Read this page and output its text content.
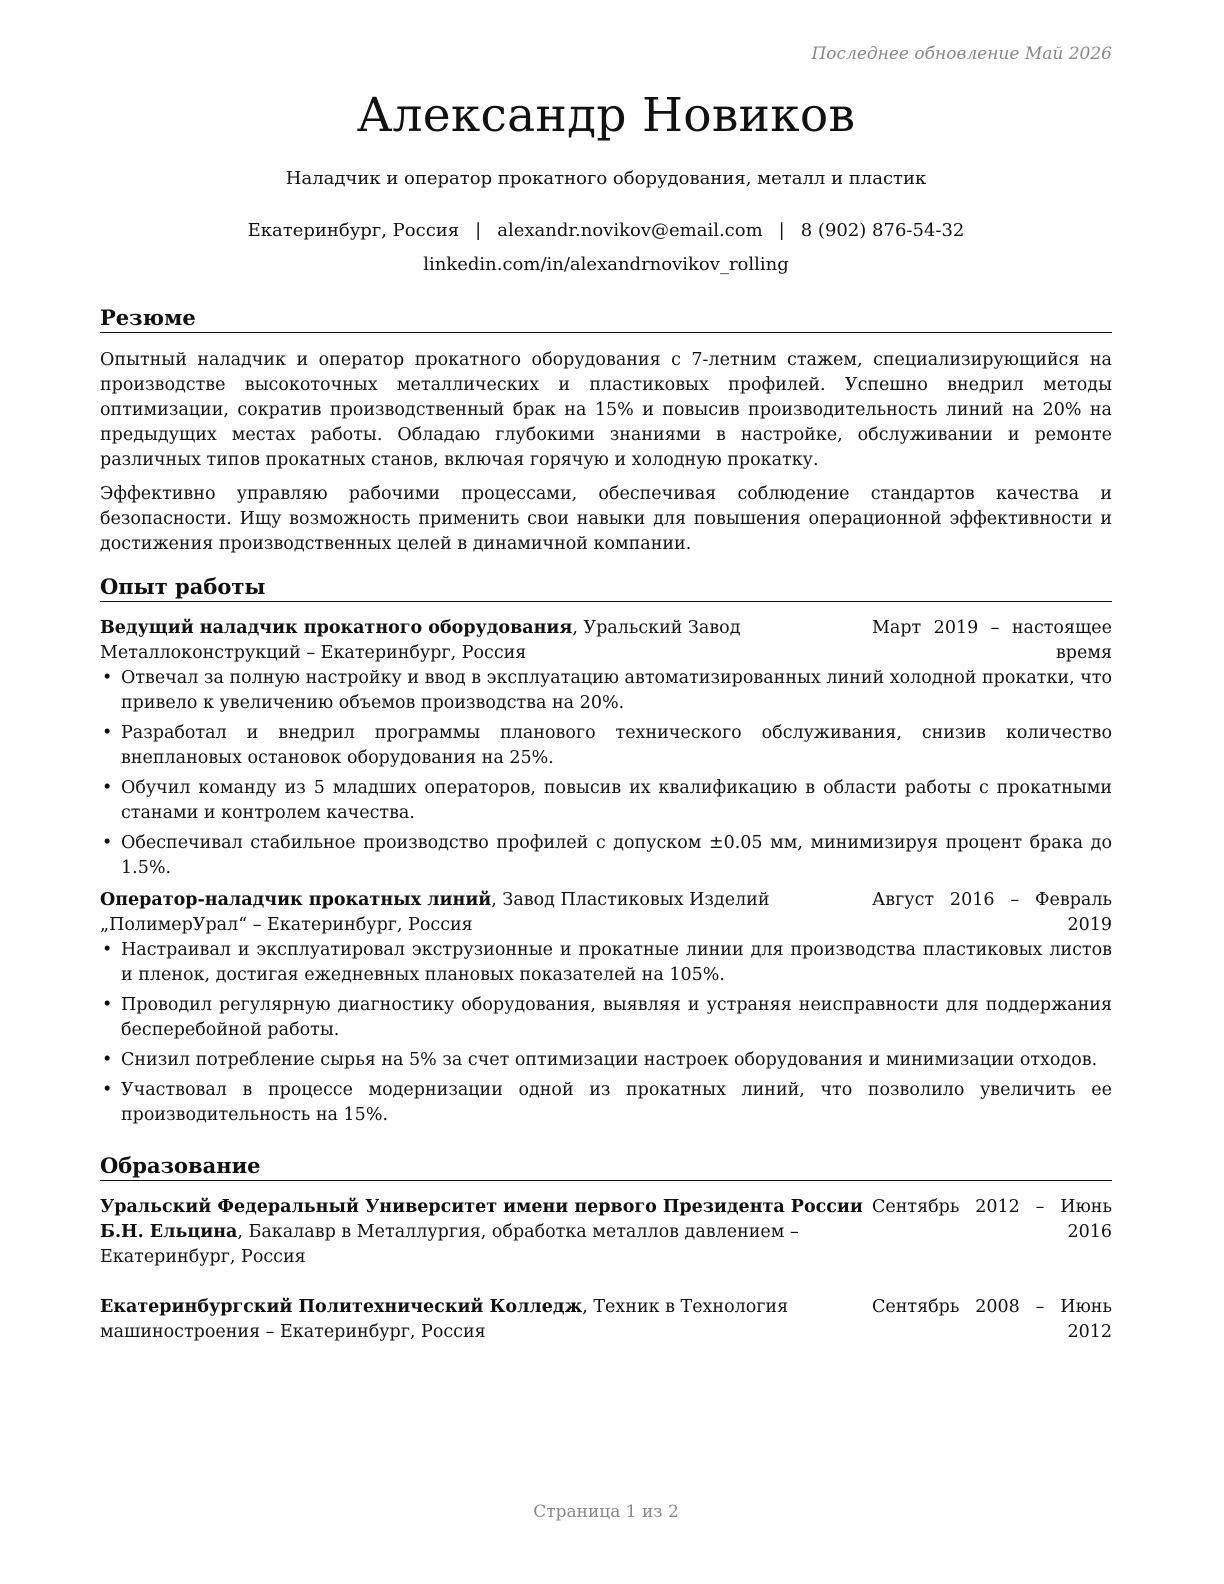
Последнее обновление Май 2026
Александр Новиков
Наладчик и оператор прокатного оборудования, металл и пластик
Екатеринбург, Россия | alexandr.novikov@email.com | 8 (902) 876-54-32
linkedin.com/in/alexandrnovikov_rolling
Резюме

Опытный наладчик и оператор прокатного оборудования с 7-летним стажем, специализирующийся на производстве высокоточных металлических и пластиковых профилей. Успешно внедрил методы оптимизации, сократив производственный брак на 15% и повысив производительность линий на 20% на предыдущих местах работы. Обладаю глубокими знаниями в настройке, обслуживании и ремонте различных типов прокатных станов, включая горячую и холодную прокатку.

Эффективно управляю рабочими процессами, обеспечивая соблюдение стандартов качества и безопасности. Ищу возможность применить свои навыки для повышения операционной эффективности и достижения производственных целей в динамичной компании.

Опыт работы
Ведущий наладчик прокатного оборудования, Уральский Завод Металлоконструкций – Екатеринбург, Россия
Март 2019 – настоящее
время
• Отвечал за полную настройку и ввод в эксплуатацию автоматизированных линий холодной прокатки, что привело к увеличению объемов производства на 20%.
• Разработал и внедрил программы планового технического обслуживания, снизив количество внеплановых остановок оборудования на 25%.
• Обучил команду из 5 младших операторов, повысив их квалификацию в области работы с прокатными станами и контролем качества.
• Обеспечивал стабильное производство профилей с допуском ±0.05 мм, минимизируя процент брака до 1.5%.
Оператор-наладчик прокатных линий, Завод Пластиковых Изделий „ПолимерУрал“ – Екатеринбург, Россия
Август 2016 – Февраль
2019
• Настраивал и эксплуатировал экструзионные и прокатные линии для производства пластиковых листов и пленок, достигая ежедневных плановых показателей на 105%.
• Проводил регулярную диагностику оборудования, выявляя и устраняя неисправности для поддержания бесперебойной работы.
• Снизил потребление сырья на 5% за счет оптимизации настроек оборудования и минимизации отходов.
• Участвовал в процессе модернизации одной из прокатных линий, что позволило увеличить ее производительность на 15%.
Образование
Уральский Федеральный Университет имени первого Президента России Б.Н. Ельцина, Бакалавр в Металлургия, обработка металлов давлением – Екатеринбург, Россия
Сентябрь 2012 – Июнь
2016
Екатеринбургский Политехнический Колледж, Техник в Технология машиностроения – Екатеринбург, Россия
Сентябрь 2008 – Июнь
2012
Страница 1 из 2
